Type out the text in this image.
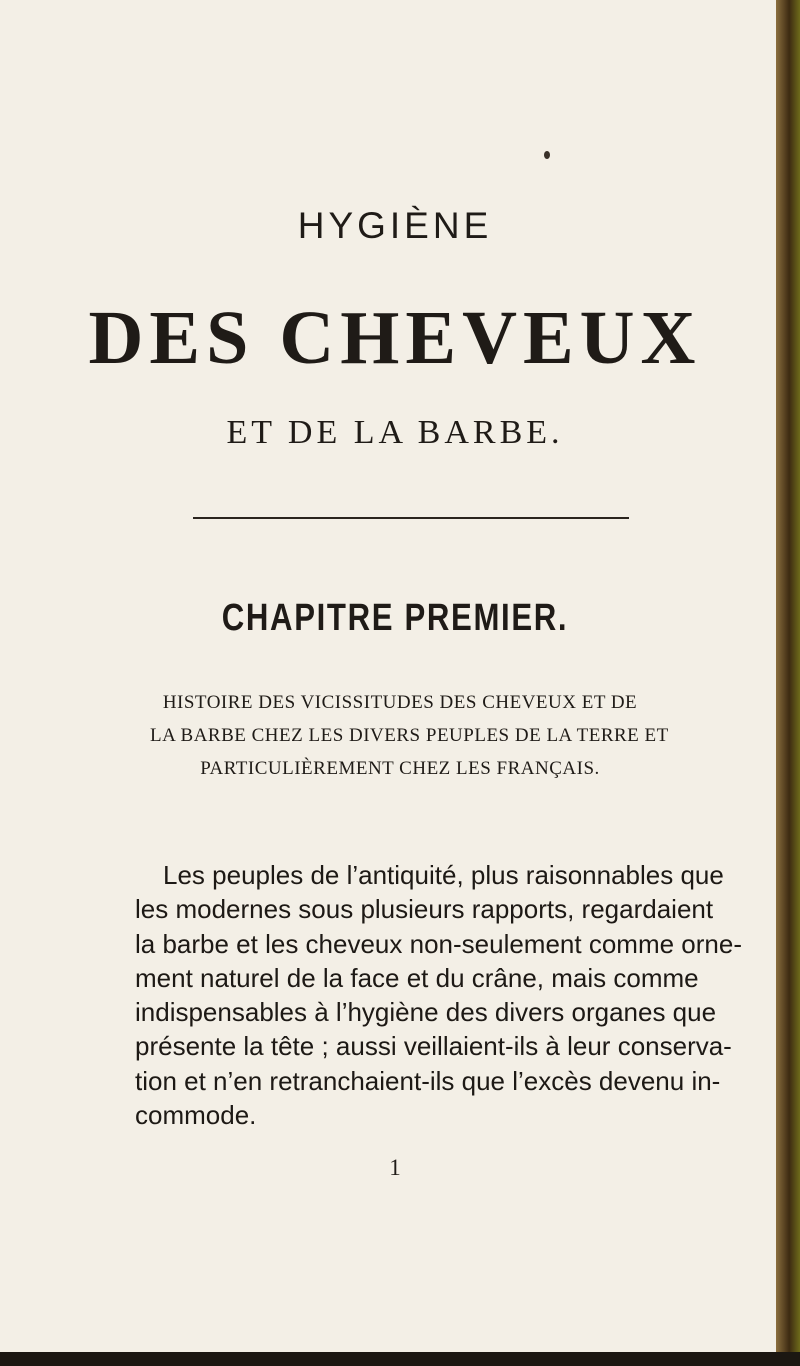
HYGIÈNE
DES CHEVEUX
ET DE LA BARBE.
CHAPITRE PREMIER.
HISTOIRE DES VICISSITUDES DES CHEVEUX ET DE
LA BARBE CHEZ LES DIVERS PEUPLES DE LA TERRE ET
PARTICULIÈREMENT CHEZ LES FRANÇAIS.
Les peuples de l’antiquité, plus raisonnables que
les modernes sous plusieurs rapports, regardaient
la barbe et les cheveux non-seulement comme orne-
ment naturel de la face et du crâne, mais comme
indispensables à l’hygiène des divers organes que
présente la tête ; aussi veillaient-ils à leur conserva-
tion et n’en retranchaient-ils que l’excès devenu in-
commode.
1
